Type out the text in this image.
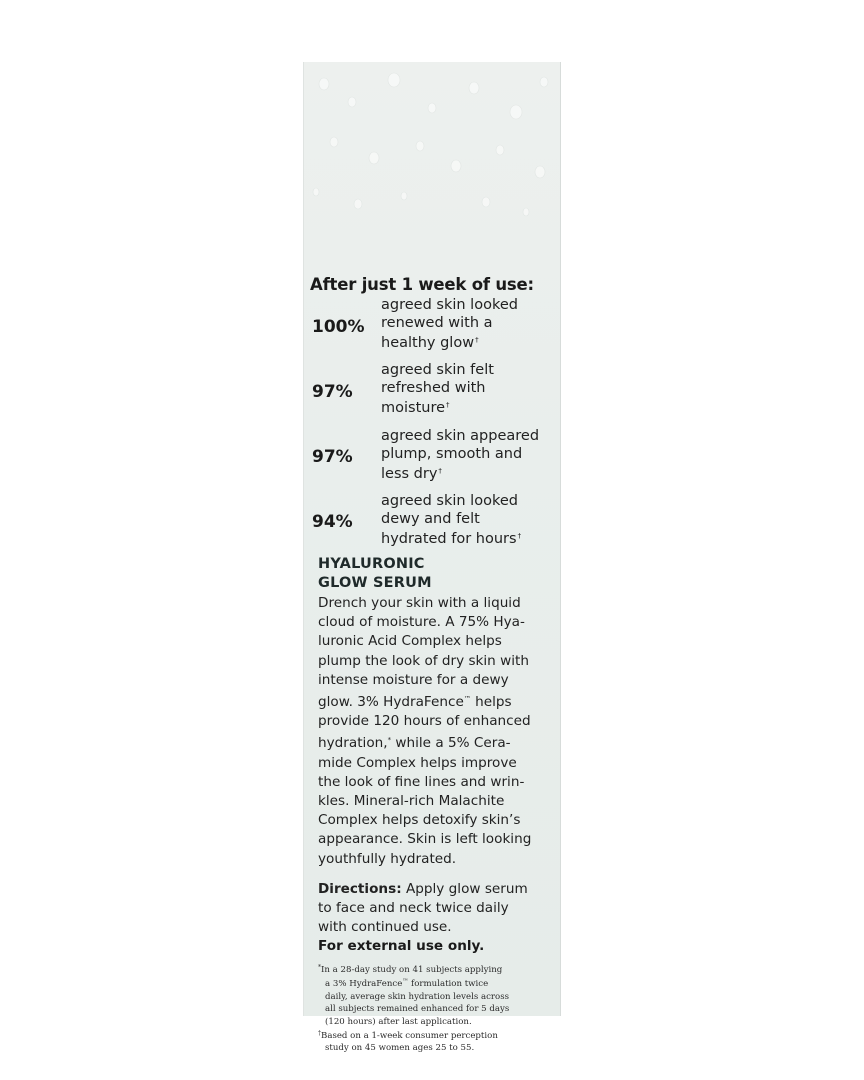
After just 1 week of use:
100%
agreed skin looked
renewed with a
healthy glow†
97%
agreed skin felt
refreshed with
moisture†
97%
agreed skin appeared
plump, smooth and
less dry†
94%
agreed skin looked
dewy and felt
hydrated for hours†
HYALURONIC
GLOW SERUM
Drench your skin with a liquid
cloud of moisture. A 75% Hya-
luronic Acid Complex helps
plump the look of dry skin with
intense moisture for a dewy
glow. 3% HydraFence™ helps
provide 120 hours of enhanced
hydration,* while a 5% Cera-
mide Complex helps improve
the look of fine lines and wrin-
kles. Mineral-rich Malachite
Complex helps detoxify skin’s
appearance. Skin is left looking
youthfully hydrated.
Directions: Apply glow serum
to face and neck twice daily
with continued use.
For external use only.
*In a 28-day study on 41 subjects applying
a 3% HydraFence™ formulation twice
daily, average skin hydration levels across
all subjects remained enhanced for 5 days
(120 hours) after last application.
†Based on a 1-week consumer perception
study on 45 women ages 25 to 55.
